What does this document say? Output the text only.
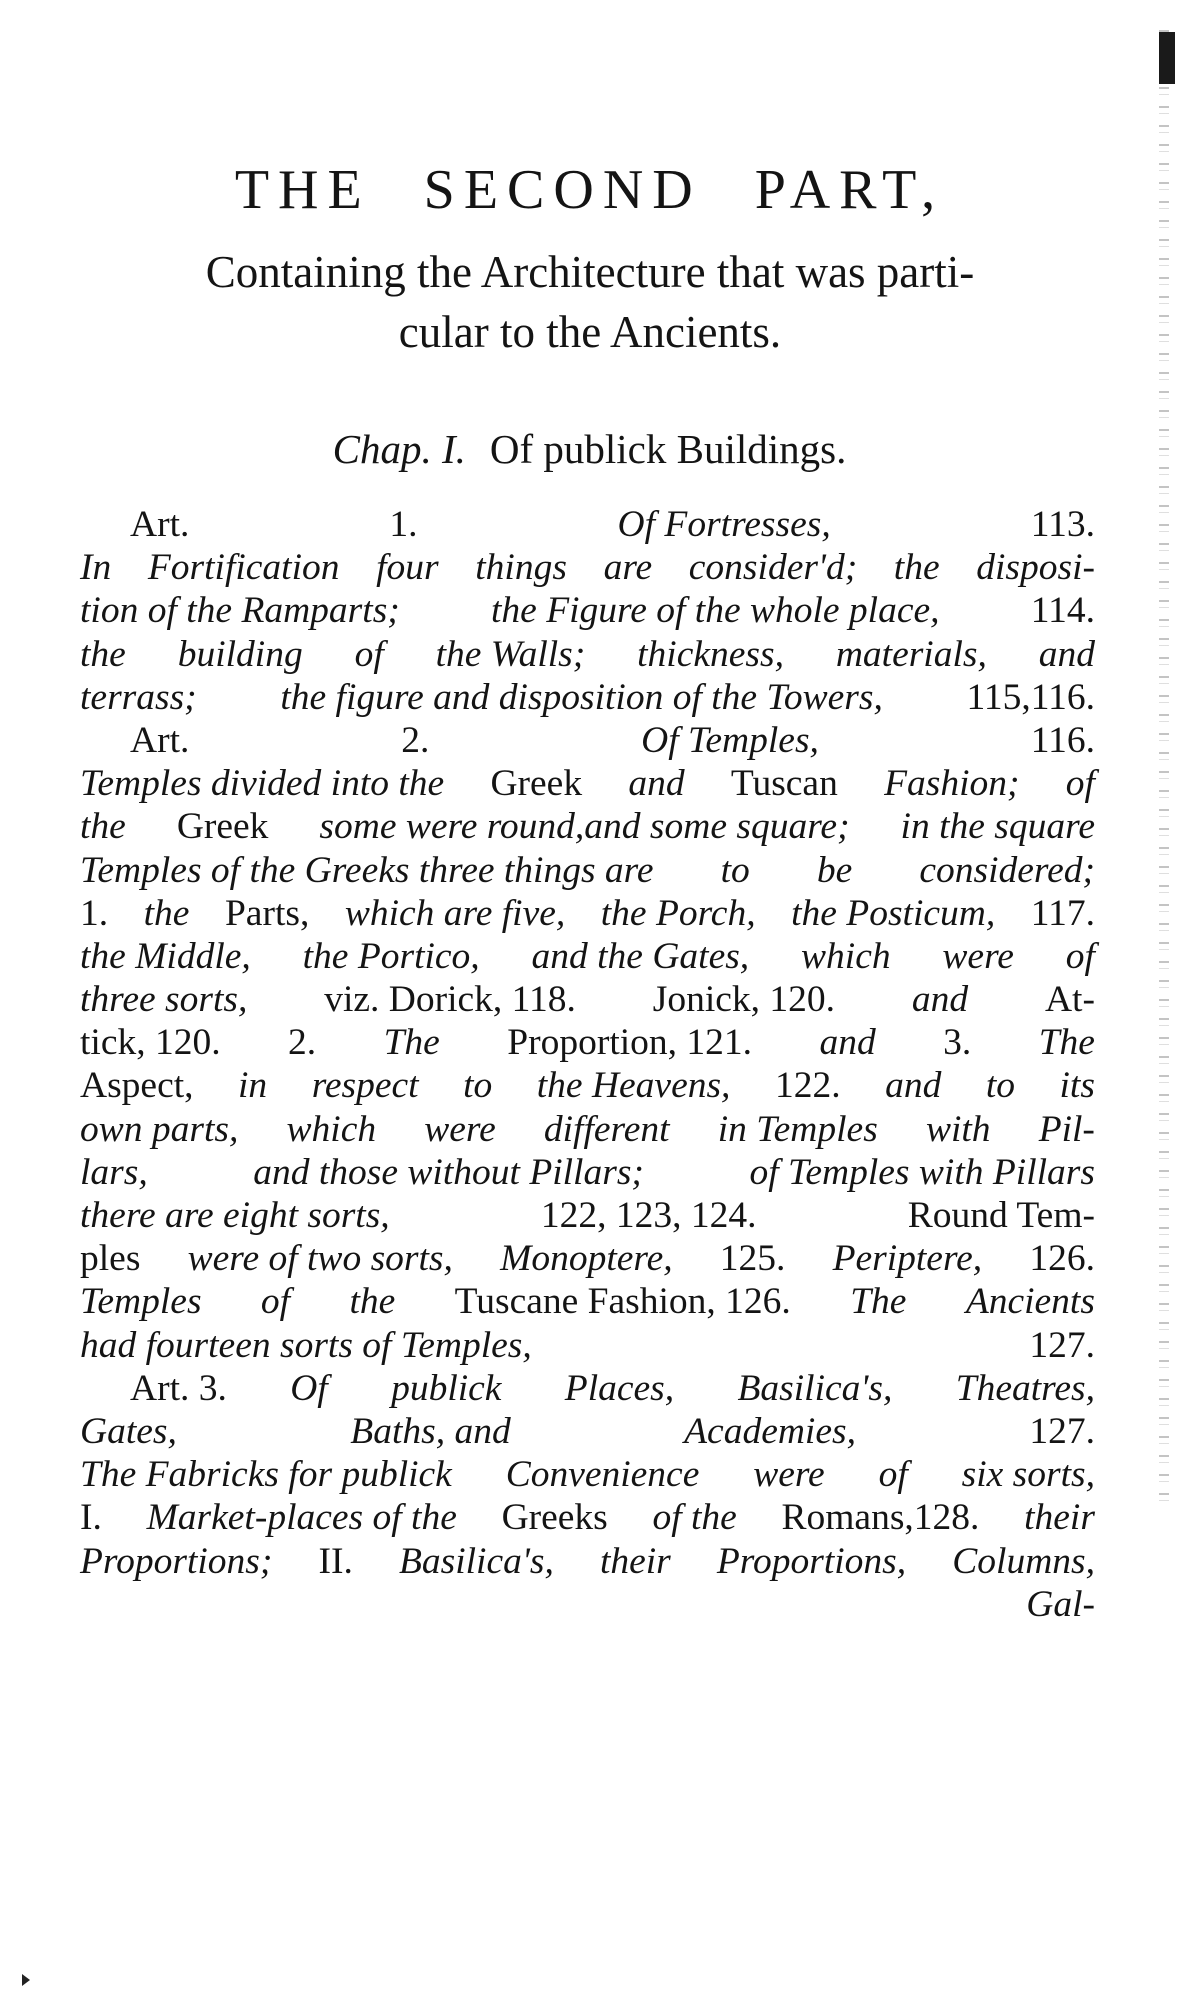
THE SECOND PART,
Containing the Architecture that was parti-
cular to the Ancients.
Chap. I. Of publick Buildings.
Art.	1.	Of Fortresses,	113.
In Fortification four things are consider'd; the disposi-
tion of the Ramparts; the Figure of the whole place, 114.
the building of the Walls; thickness, materials, and
terrass; the figure and disposition of the Towers, 115,116.
Art.	2.	Of Temples,	116.
Temples divided into the Greek and Tuscan Fashion; of
the Greek some were round,and some square; in the square
Temples of the Greeks three things are to be considered;
1. the Parts, which are five, the Porch, the Posticum, 117.
the Middle, the Portico, and the Gates, which were of
three sorts, viz. Dorick, 118. Jonick, 120. and At-
tick, 120. 2. The Proportion, 121. and 3. The
Aspect, in respect to the Heavens, 122. and to its
own parts, which were different in Temples with Pil-
lars,	and those without Pillars;	of Temples with Pillars
there are eight sorts,	122, 123, 124.	Round Tem-
ples were of two sorts, Monoptere, 125. Periptere, 126.
Temples of the Tuscane Fashion, 126. The Ancients
had fourteen sorts of Temples,	127.
Art. 3. Of publick Places, Basilica's, Theatres,
Gates,	Baths, and	Academies,	127.
The Fabricks for publick Convenience were of six sorts,
I. Market-places of the Greeks of the Romans,128. their
Proportions; II. Basilica's, their Proportions, Columns,
Gal-
